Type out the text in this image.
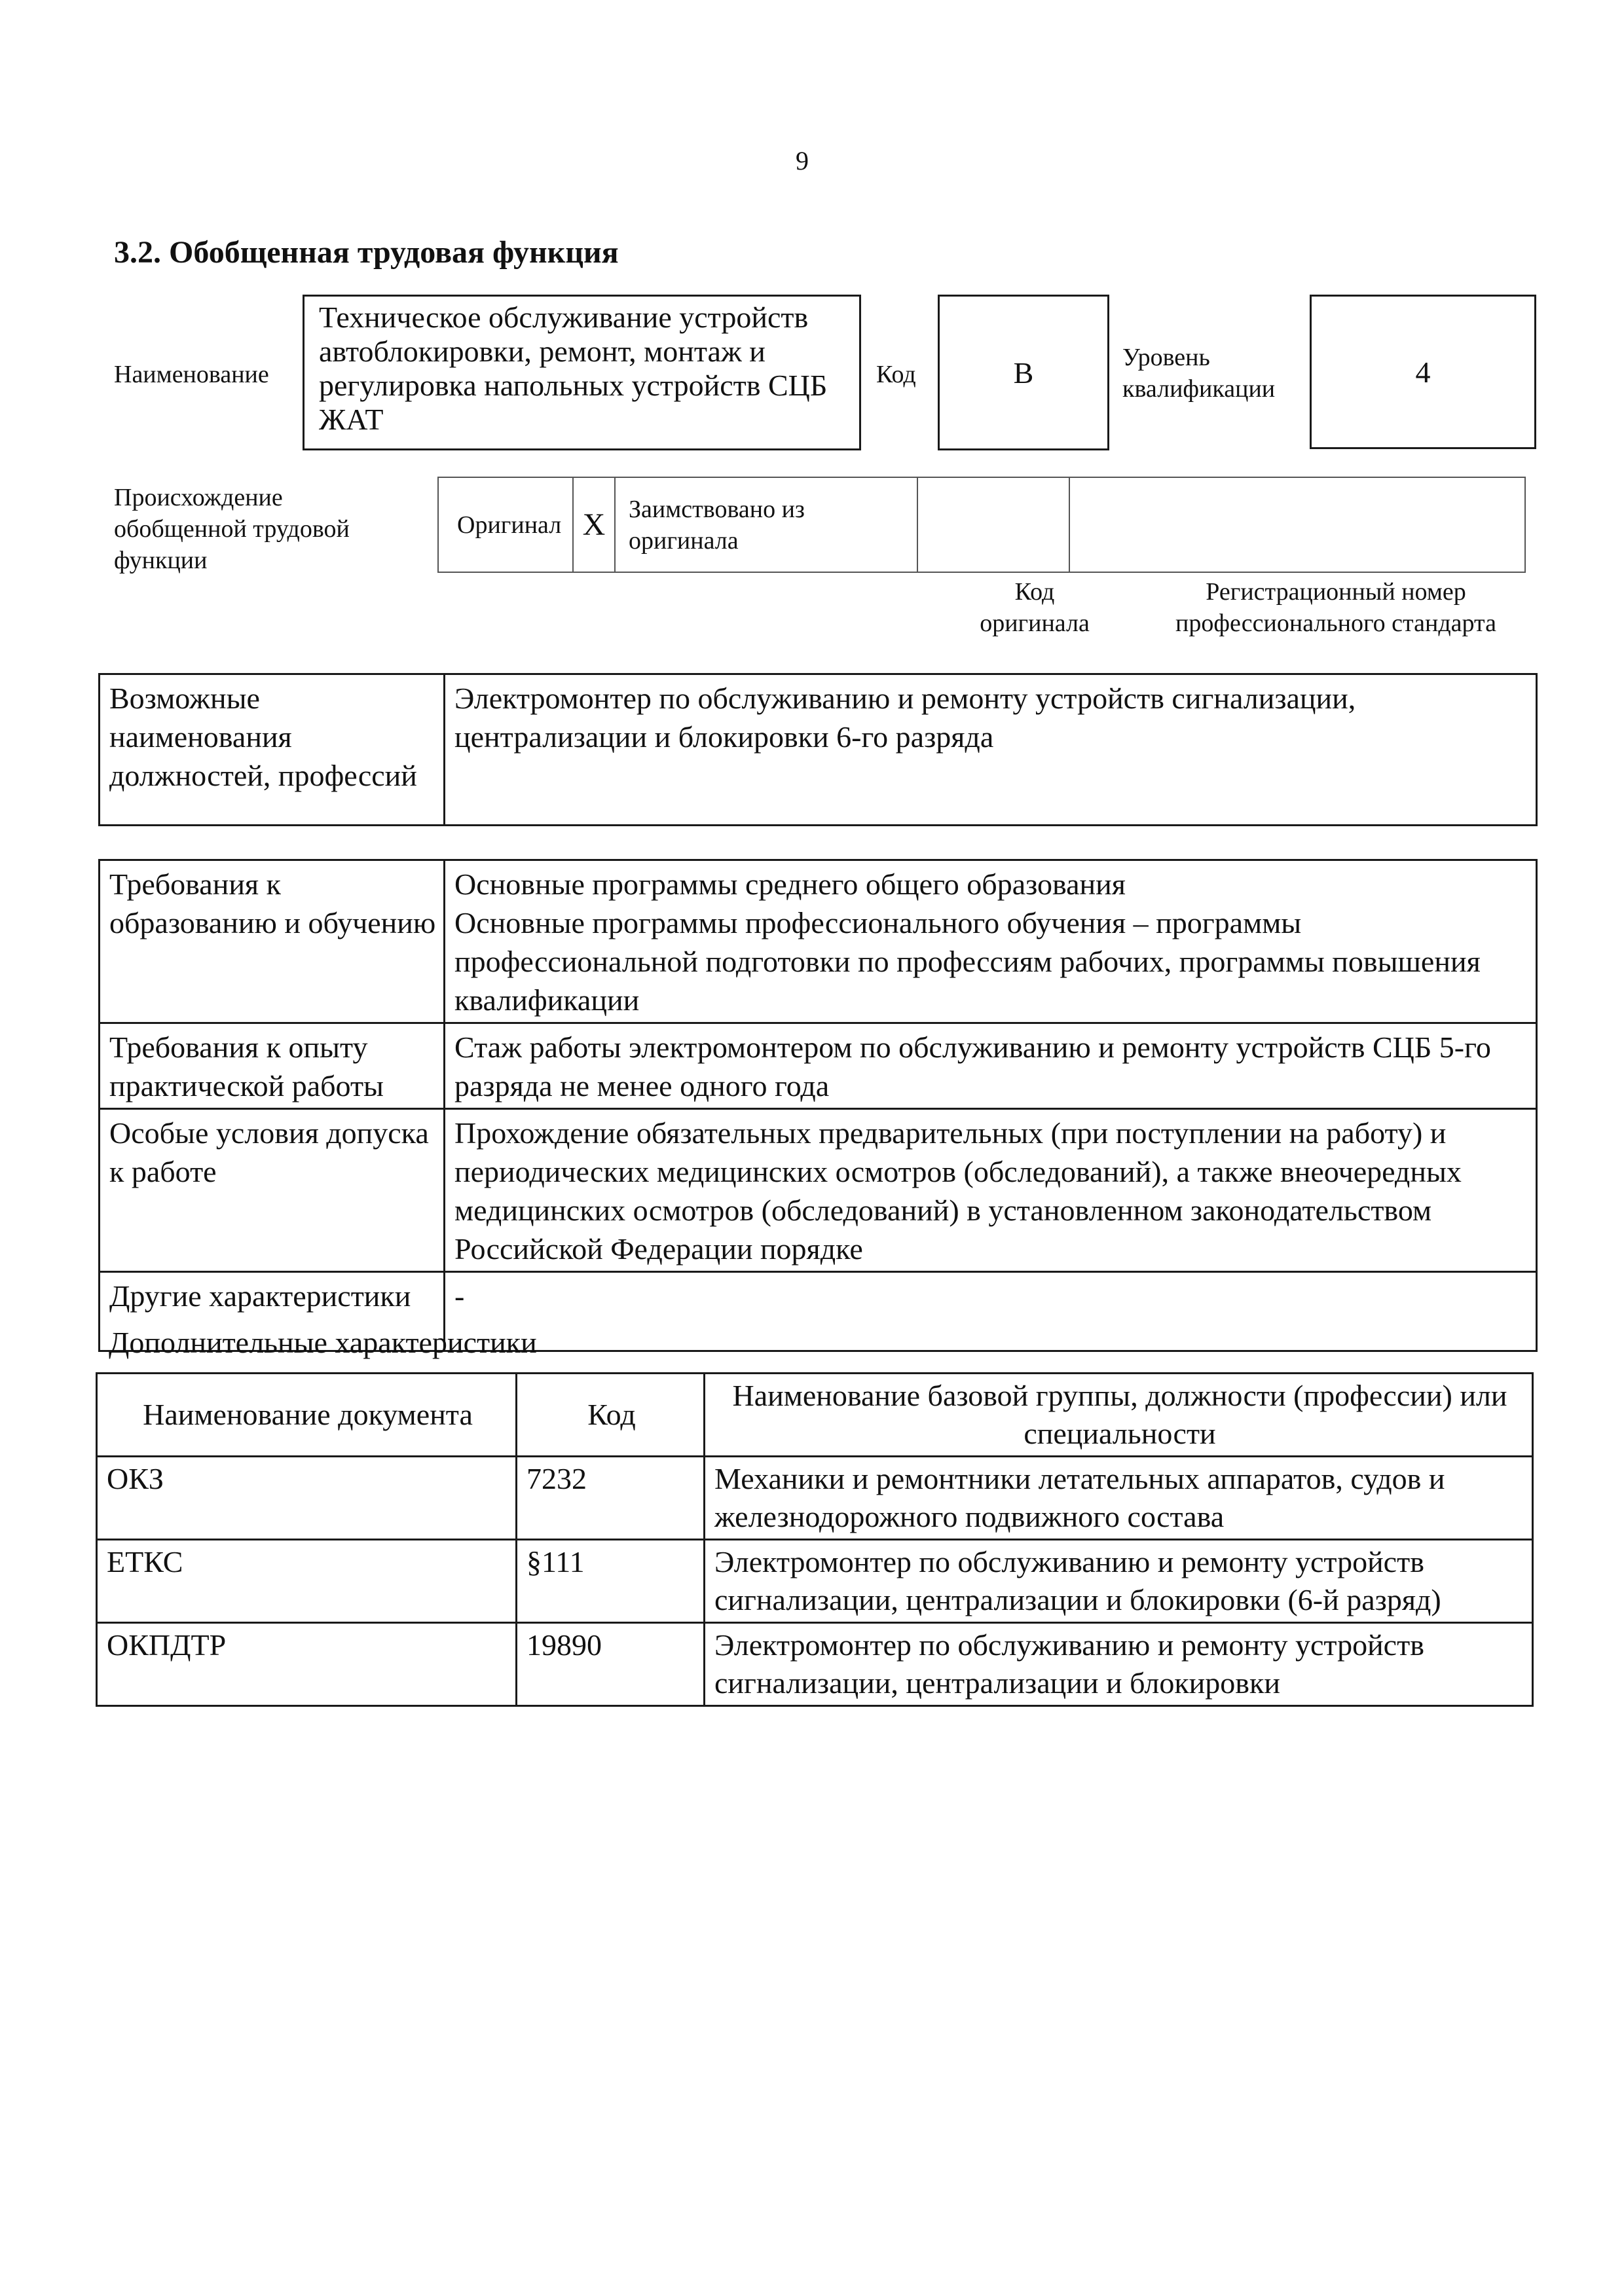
9
3.2. Обобщенная трудовая функция
Наименование
Техническое обслуживание устройств автоблокировки, ремонт, монтаж и регулировка напольных устройств СЦБ ЖАТ
Код	В	Уровень квалификации
4
Происхождение обобщенной трудовой функции
Оригинал	X	Заимствовано из оригинала		
Код оригинала
Регистрационный номер профессионального стандарта
Возможные наименования должностей, профессий	Электромонтер по обслуживанию и ремонту устройств сигнализации, централизации и блокировки 6-го разряда
Требования к образованию и обучению	Основные программы среднего общего образования
Основные программы профессионального обучения – программы профессиональной подготовки по профессиям рабочих, программы повышения квалификации

Требования к опыту практической работы	Стаж работы электромонтером по обслуживанию и ремонту устройств СЦБ 5-го разряда не менее одного года

Особые условия допуска к работе	Прохождение обязательных предварительных (при поступлении на работу) и периодических медицинских осмотров (обследований), а также внеочередных медицинских осмотров (обследований) в установленном законодательством Российской Федерации порядке

Другие характеристики	-
Дополнительные характеристики
Наименование документа	Код	Наименование базовой группы, должности (профессии) или специальности
ОКЗ	7232	Механики и ремонтники летательных аппаратов, судов и железнодорожного подвижного состава
ЕТКС	§111	Электромонтер по обслуживанию и ремонту устройств сигнализации, централизации и блокировки (6-й разряд)
ОКПДТР	19890	Электромонтер по обслуживанию и ремонту устройств сигнализации, централизации и блокировки
